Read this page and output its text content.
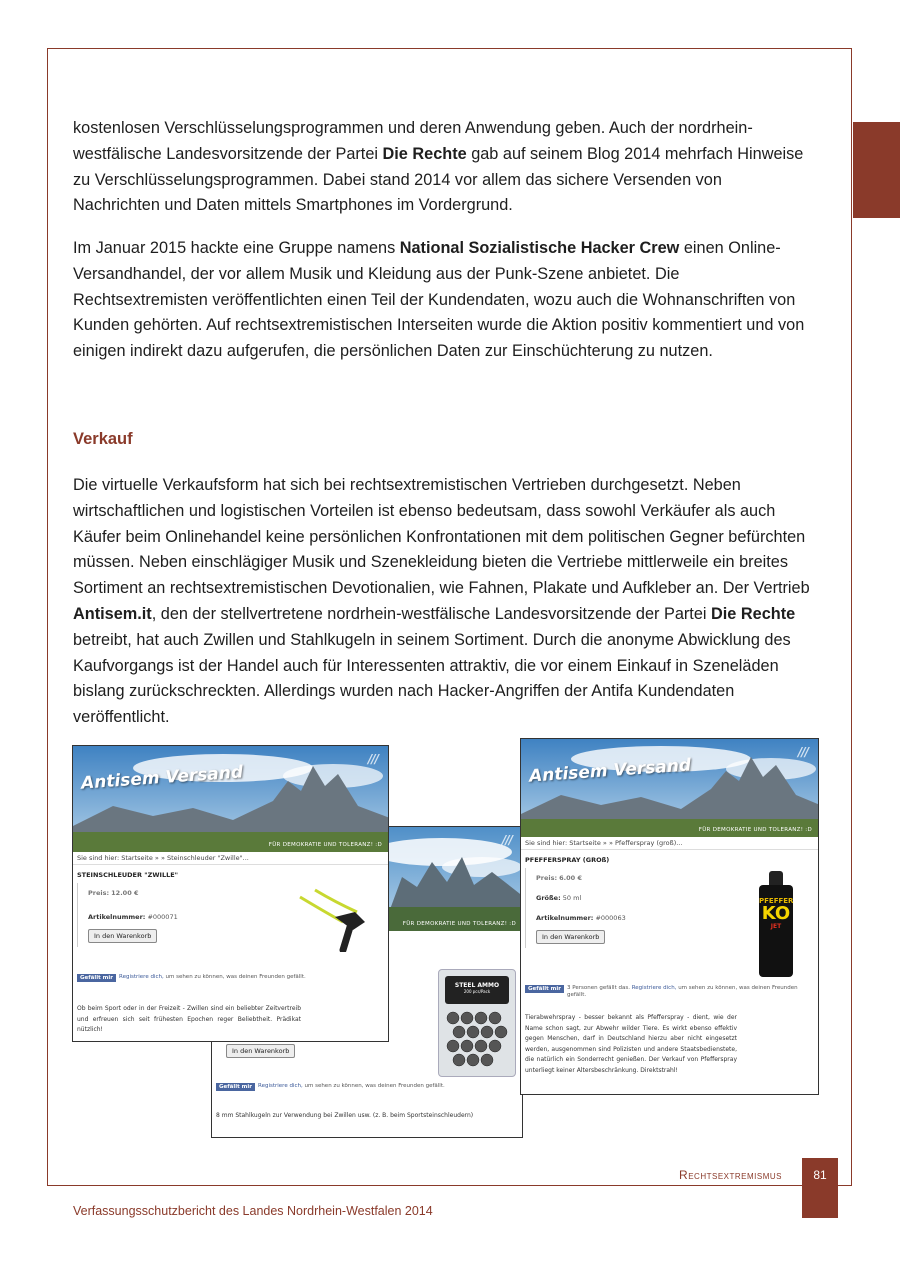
kostenlosen Verschlüsselungsprogrammen und deren Anwendung geben. Auch der nordrhein-westfälische Landesvorsitzende der Partei Die Rechte gab auf seinem Blog 2014 mehrfach Hinweise zu Verschlüsselungsprogrammen. Dabei stand 2014 vor allem das sichere Versenden von Nachrichten und Daten mittels Smartphones im Vordergrund.

Im Januar 2015 hackte eine Gruppe namens National Sozialistische Hacker Crew einen Online-Versandhandel, der vor allem Musik und Kleidung aus der Punk-Szene anbietet. Die Rechtsextremisten veröffentlichten einen Teil der Kundendaten, wozu auch die Wohnanschriften von Kunden gehörten. Auf rechtsextremistischen Interseiten wurde die Aktion positiv kommentiert und von einigen indirekt dazu aufgerufen, die persönlichen Daten zur Einschüchterung zu nutzen.

Verkauf

Die virtuelle Verkaufsform hat sich bei rechtsextremistischen Vertrieben durchgesetzt. Neben wirtschaftlichen und logistischen Vorteilen ist ebenso bedeutsam, dass sowohl Verkäufer als auch Käufer beim Onlinehandel keine persönlichen Konfrontationen mit dem politischen Gegner befürchten müssen. Neben einschlägiger Musik und Szenekleidung bieten die Vertriebe mittlerweile ein breites Sortiment an rechtsextremistischen Devotionalien, wie Fahnen, Plakate und Aufkleber an. Der Vertrieb Antisem.it, den der stellvertretene nordrhein-westfälische Landesvorsitzende der Partei Die Rechte betreibt, hat auch Zwillen und Stahlkugeln in seinem Sortiment. Durch die anonyme Abwicklung des Kaufvorgangs ist der Handel auch für Interessenten attraktiv, die vor einem Einkauf in Szeneläden bislang zurückschreckten. Allerdings wurden nach Hacker-Angriffen der Antifa Kundendaten veröffentlicht.

///
FÜR DEMOKRATIE UND TOLERANZ! :D
In den Warenkorb
STEEL AMMO
200 pcs/Pack
Gefällt mir	Registriere dich, um sehen zu können, was deinen Freunden gefällt.
8 mm Stahlkugeln zur Verwendung bei Zwillen usw. (z. B. beim Sportsteinschleudern)
Antisem Versand
///
FÜR DEMOKRATIE UND TOLERANZ! :D
Sie sind hier: Startseite » » Steinschleuder "Zwille"...
STEINSCHLEUDER "ZWILLE"
Preis: 12.00 €
Artikelnummer: #000071
In den Warenkorb
Gefällt mir	Registriere dich, um sehen zu können, was deinen Freunden gefällt.
Ob beim Sport oder in der Freizeit - Zwillen sind ein beliebter Zeitvertreib und erfreuen sich seit frühesten Epochen reger Beliebtheit. Prädikat nützlich!
Antisem Versand
///
FÜR DEMOKRATIE UND TOLERANZ! :D
Sie sind hier: Startseite » » Pfefferspray (groß)...
PFEFFERSPRAY (GROß)
Preis: 6.00 €
Größe: 50 ml
Artikelnummer: #000063
In den Warenkorb
PFEFFER
KO
JET
Gefällt mir	3 Personen gefällt das. Registriere dich, um sehen zu können, was deinen Freunden gefällt.
Tierabwehrspray - besser bekannt als Pfefferspray - dient, wie der Name schon sagt, zur Abwehr wilder Tiere. Es wirkt ebenso effektiv gegen Menschen, darf in Deutschland hierzu aber nicht eingesetzt werden, ausgenommen sind Polizisten und andere Staatsbedienstete, die natürlich ein Sonderrecht genießen. Der Verkauf von Pfefferspray unterliegt keiner Altersbeschränkung. Direktstrahl!
Rechtsextremismus	81
Verfassungsschutzbericht des Landes Nordrhein-Westfalen 2014
